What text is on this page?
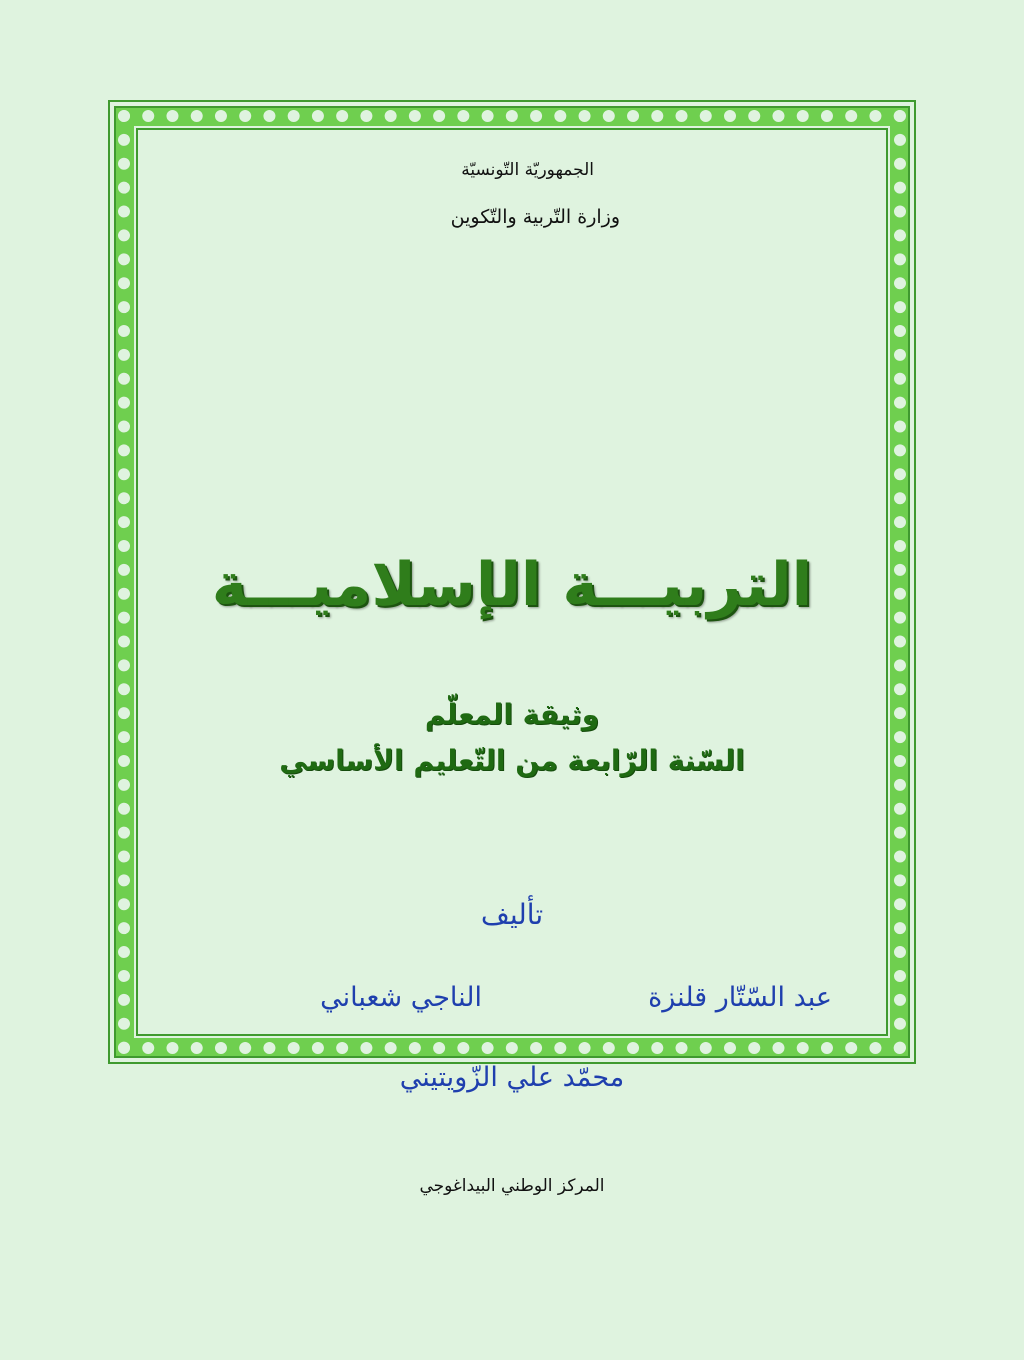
الجمهوريّة التّونسيّة
وزارة التّربية والتّكوين
التربيـــة الإسلاميـــة
وثيقة المعلّم
السّنة الرّابعة من التّعليم الأساسي
تأليف
عبد السّتّار قلنزة
الناجي شعباني
محمّد علي الزّويتيني
المركز الوطني البيداغوجي
